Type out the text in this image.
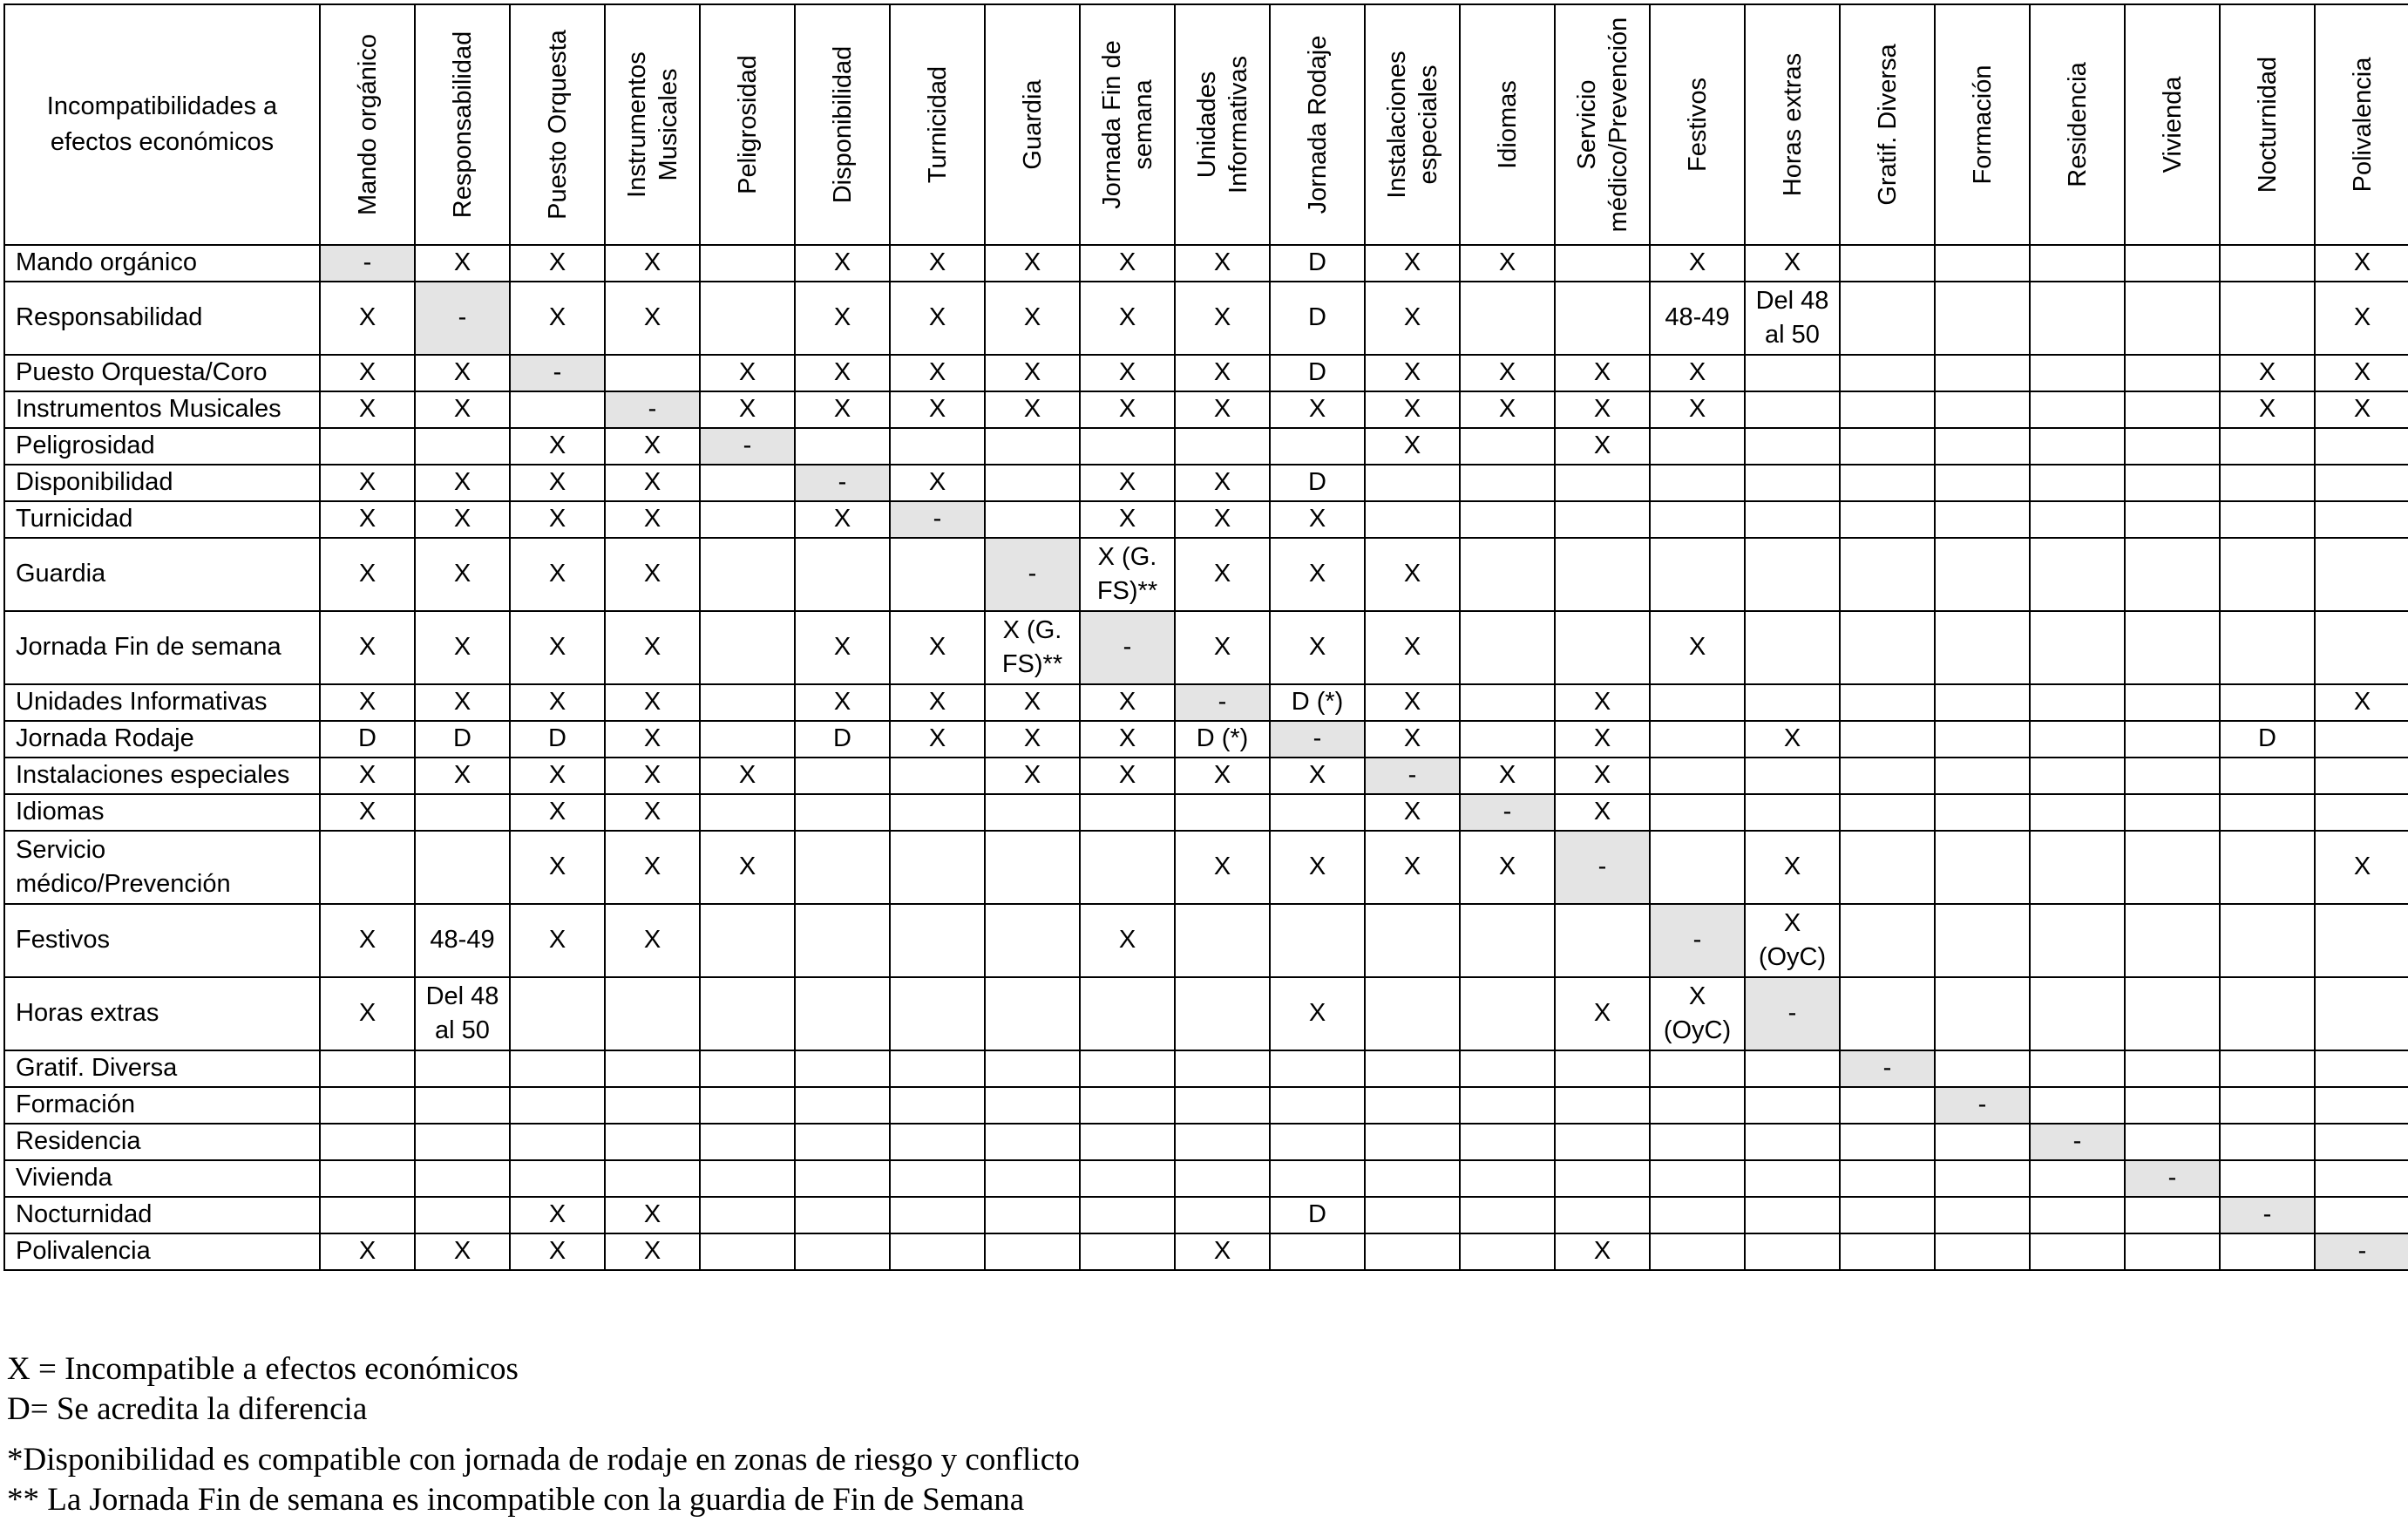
Incompatibilidades a efectos económicos	Mando orgánico	Responsabilidad	Puesto Orquesta	Instrumentos Musicales	Peligrosidad	Disponibilidad	Turnicidad	Guardia	Jornada Fin de semana	Unidades Informativas	Jornada Rodaje	Instalaciones especiales	Idiomas	Servicio médico/Prevención	Festivos	Horas extras	Gratif. Diversa	Formación	Residencia	Vivienda	Nocturnidad	Polivalencia

Mando orgánico	-	X	X	X		X	X	X	X	X	D	X	X		X	X						X
Responsabilidad	X	-	X	X		X	X	X	X	X	D	X			48-49	Del 48 al 50						X
Puesto Orquesta/Coro	X	X	-		X	X	X	X	X	X	D	X	X	X	X						X	X
Instrumentos Musicales	X	X		-	X	X	X	X	X	X	X	X	X	X	X						X	X
Peligrosidad			X	X	-							X		X								
Disponibilidad	X	X	X	X		-	X		X	X	D											
Turnicidad	X	X	X	X		X	-		X	X	X											
Guardia	X	X	X	X				-	X (G. FS)**	X	X	X										
Jornada Fin de semana	X	X	X	X		X	X	X (G. FS)**	-	X	X	X			X							
Unidades Informativas	X	X	X	X		X	X	X	X	-	D (*)	X		X								X
Jornada Rodaje	D	D	D	X		D	X	X	X	D (*)	-	X		X		X					D	
Instalaciones especiales	X	X	X	X	X			X	X	X	X	-	X	X								
Idiomas	X		X	X								X	-	X								
Servicio médico/Prevención			X	X	X					X	X	X	X	-		X						X
Festivos	X	48-49	X	X					X						-	X (OyC)						
Horas extras	X	Del 48 al 50									X			X	X (OyC)	-						
Gratif. Diversa																	-					
Formación																		-				
Residencia																			-			
Vivienda																				-		
Nocturnidad			X	X							D										-	
Polivalencia	X	X	X	X						X				X								-
X = Incompatible a efectos económicos
D= Se acredita la diferencia
*Disponibilidad es compatible con jornada de rodaje en zonas de riesgo y conflicto
** La Jornada Fin de semana es incompatible con la guardia de Fin de Semana
